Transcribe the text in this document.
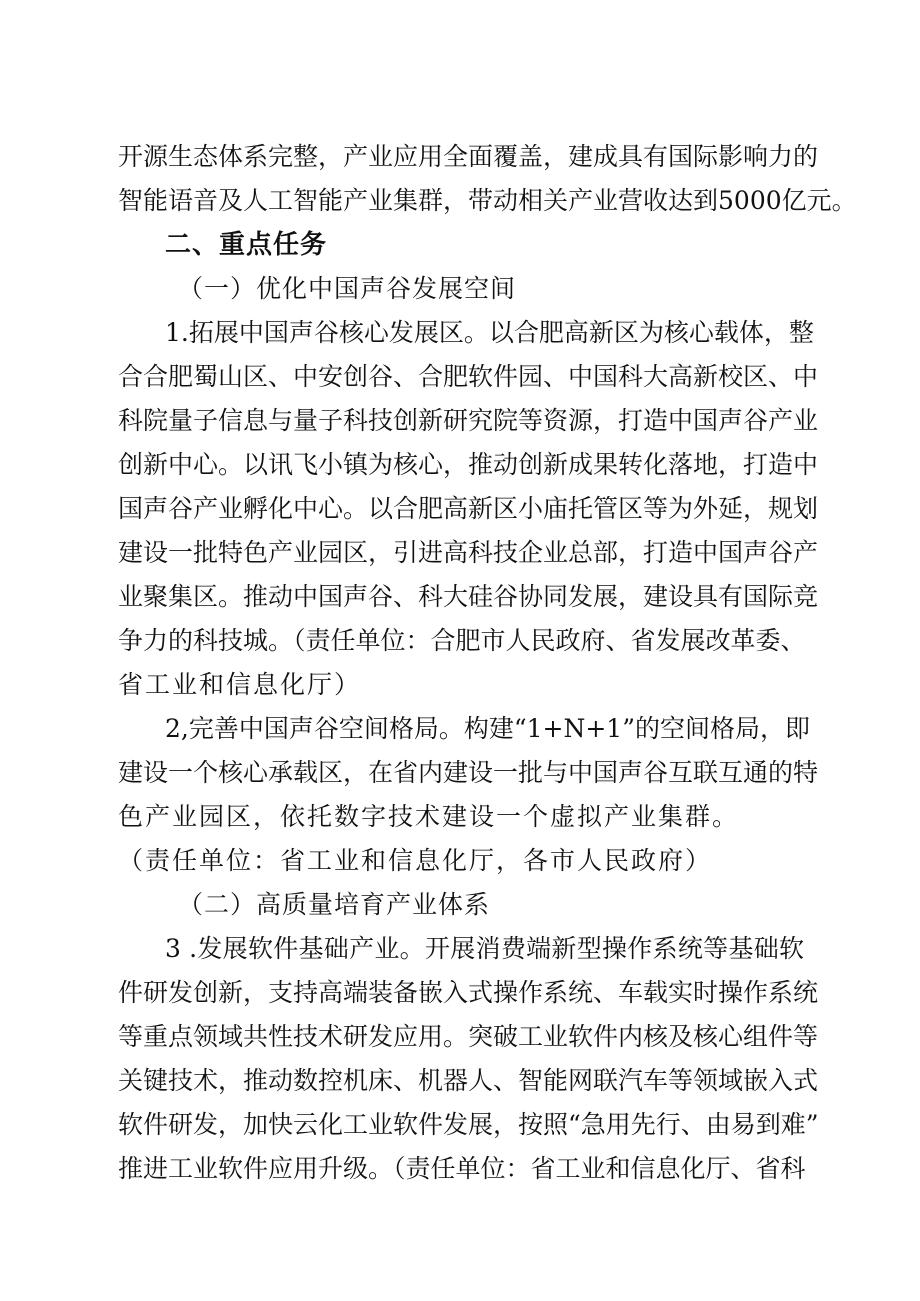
开源生态体系完整，产业应用全面覆盖，建成具有国际影响力的
智能语音及人工智能产业集群，带动相关产业营收达到5000亿元。
二、重点任务
（一）优化中国声谷发展空间
1.拓展中国声谷核心发展区。以合肥高新区为核心载体，整
合合肥蜀山区、中安创谷、合肥软件园、中国科大高新校区、中
科院量子信息与量子科技创新研究院等资源，打造中国声谷产业
创新中心。以讯飞小镇为核心，推动创新成果转化落地，打造中
国声谷产业孵化中心。以合肥高新区小庙托管区等为外延，规划
建设一批特色产业园区，引进高科技企业总部，打造中国声谷产
业聚集区。推动中国声谷、科大硅谷协同发展，建设具有国际竞
争力的科技城。（责任单位：合肥市人民政府、省发展改革委、
省工业和信息化厅）
2,完善中国声谷空间格局。构建“1+N+1”的空间格局，即
建设一个核心承载区，在省内建设一批与中国声谷互联互通的特
色产业园区，依托数字技术建设一个虚拟产业集群。
（责任单位：省工业和信息化厅，各市人民政府）
（二）高质量培育产业体系
3 .发展软件基础产业。开展消费端新型操作系统等基础软
件研发创新，支持高端装备嵌入式操作系统、车载实时操作系统
等重点领域共性技术研发应用。突破工业软件内核及核心组件等
关键技术，推动数控机床、机器人、智能网联汽车等领域嵌入式
软件研发，加快云化工业软件发展，按照“急用先行、由易到难”
推进工业软件应用升级。（责任单位：省工业和信息化厅、省科
